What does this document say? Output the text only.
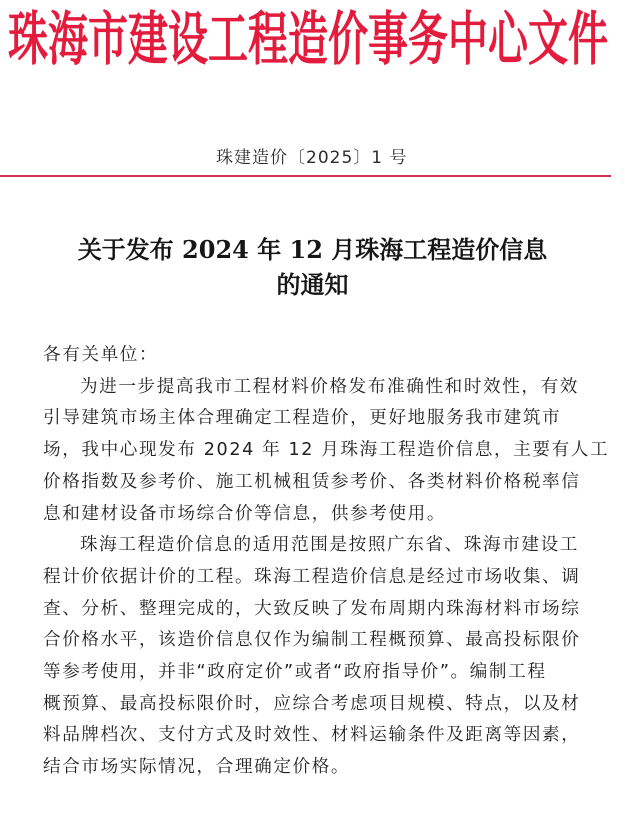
珠 海 市 建 设 工 程 造 价 事 务 中 心 文 件
珠建造价〔2025〕1 号
关于发布 2024 年 12 月珠海工程造价信息
的通知

各有关单位：

为进一步提高我市工程材料价格发布准确性和时效性，有效
引导建筑市场主体合理确定工程造价，更好地服务我市建筑市
场，我中心现发布 2024 年 12 月珠海工程造价信息，主要有人工
价格指数及参考价、施工机械租赁参考价、各类材料价格税率信
息和建材设备市场综合价等信息，供参考使用。

珠海工程造价信息的适用范围是按照广东省、珠海市建设工
程计价依据计价的工程。珠海工程造价信息是经过市场收集、调
查、分析、整理完成的，大致反映了发布周期内珠海材料市场综
合价格水平，该造价信息仅作为编制工程概预算、最高投标限价
等参考使用，并非“政府定价”或者“政府指导价”。编制工程
概预算、最高投标限价时，应综合考虑项目规模、特点，以及材
料品牌档次、支付方式及时效性、材料运输条件及距离等因素，
结合市场实际情况，合理确定价格。
